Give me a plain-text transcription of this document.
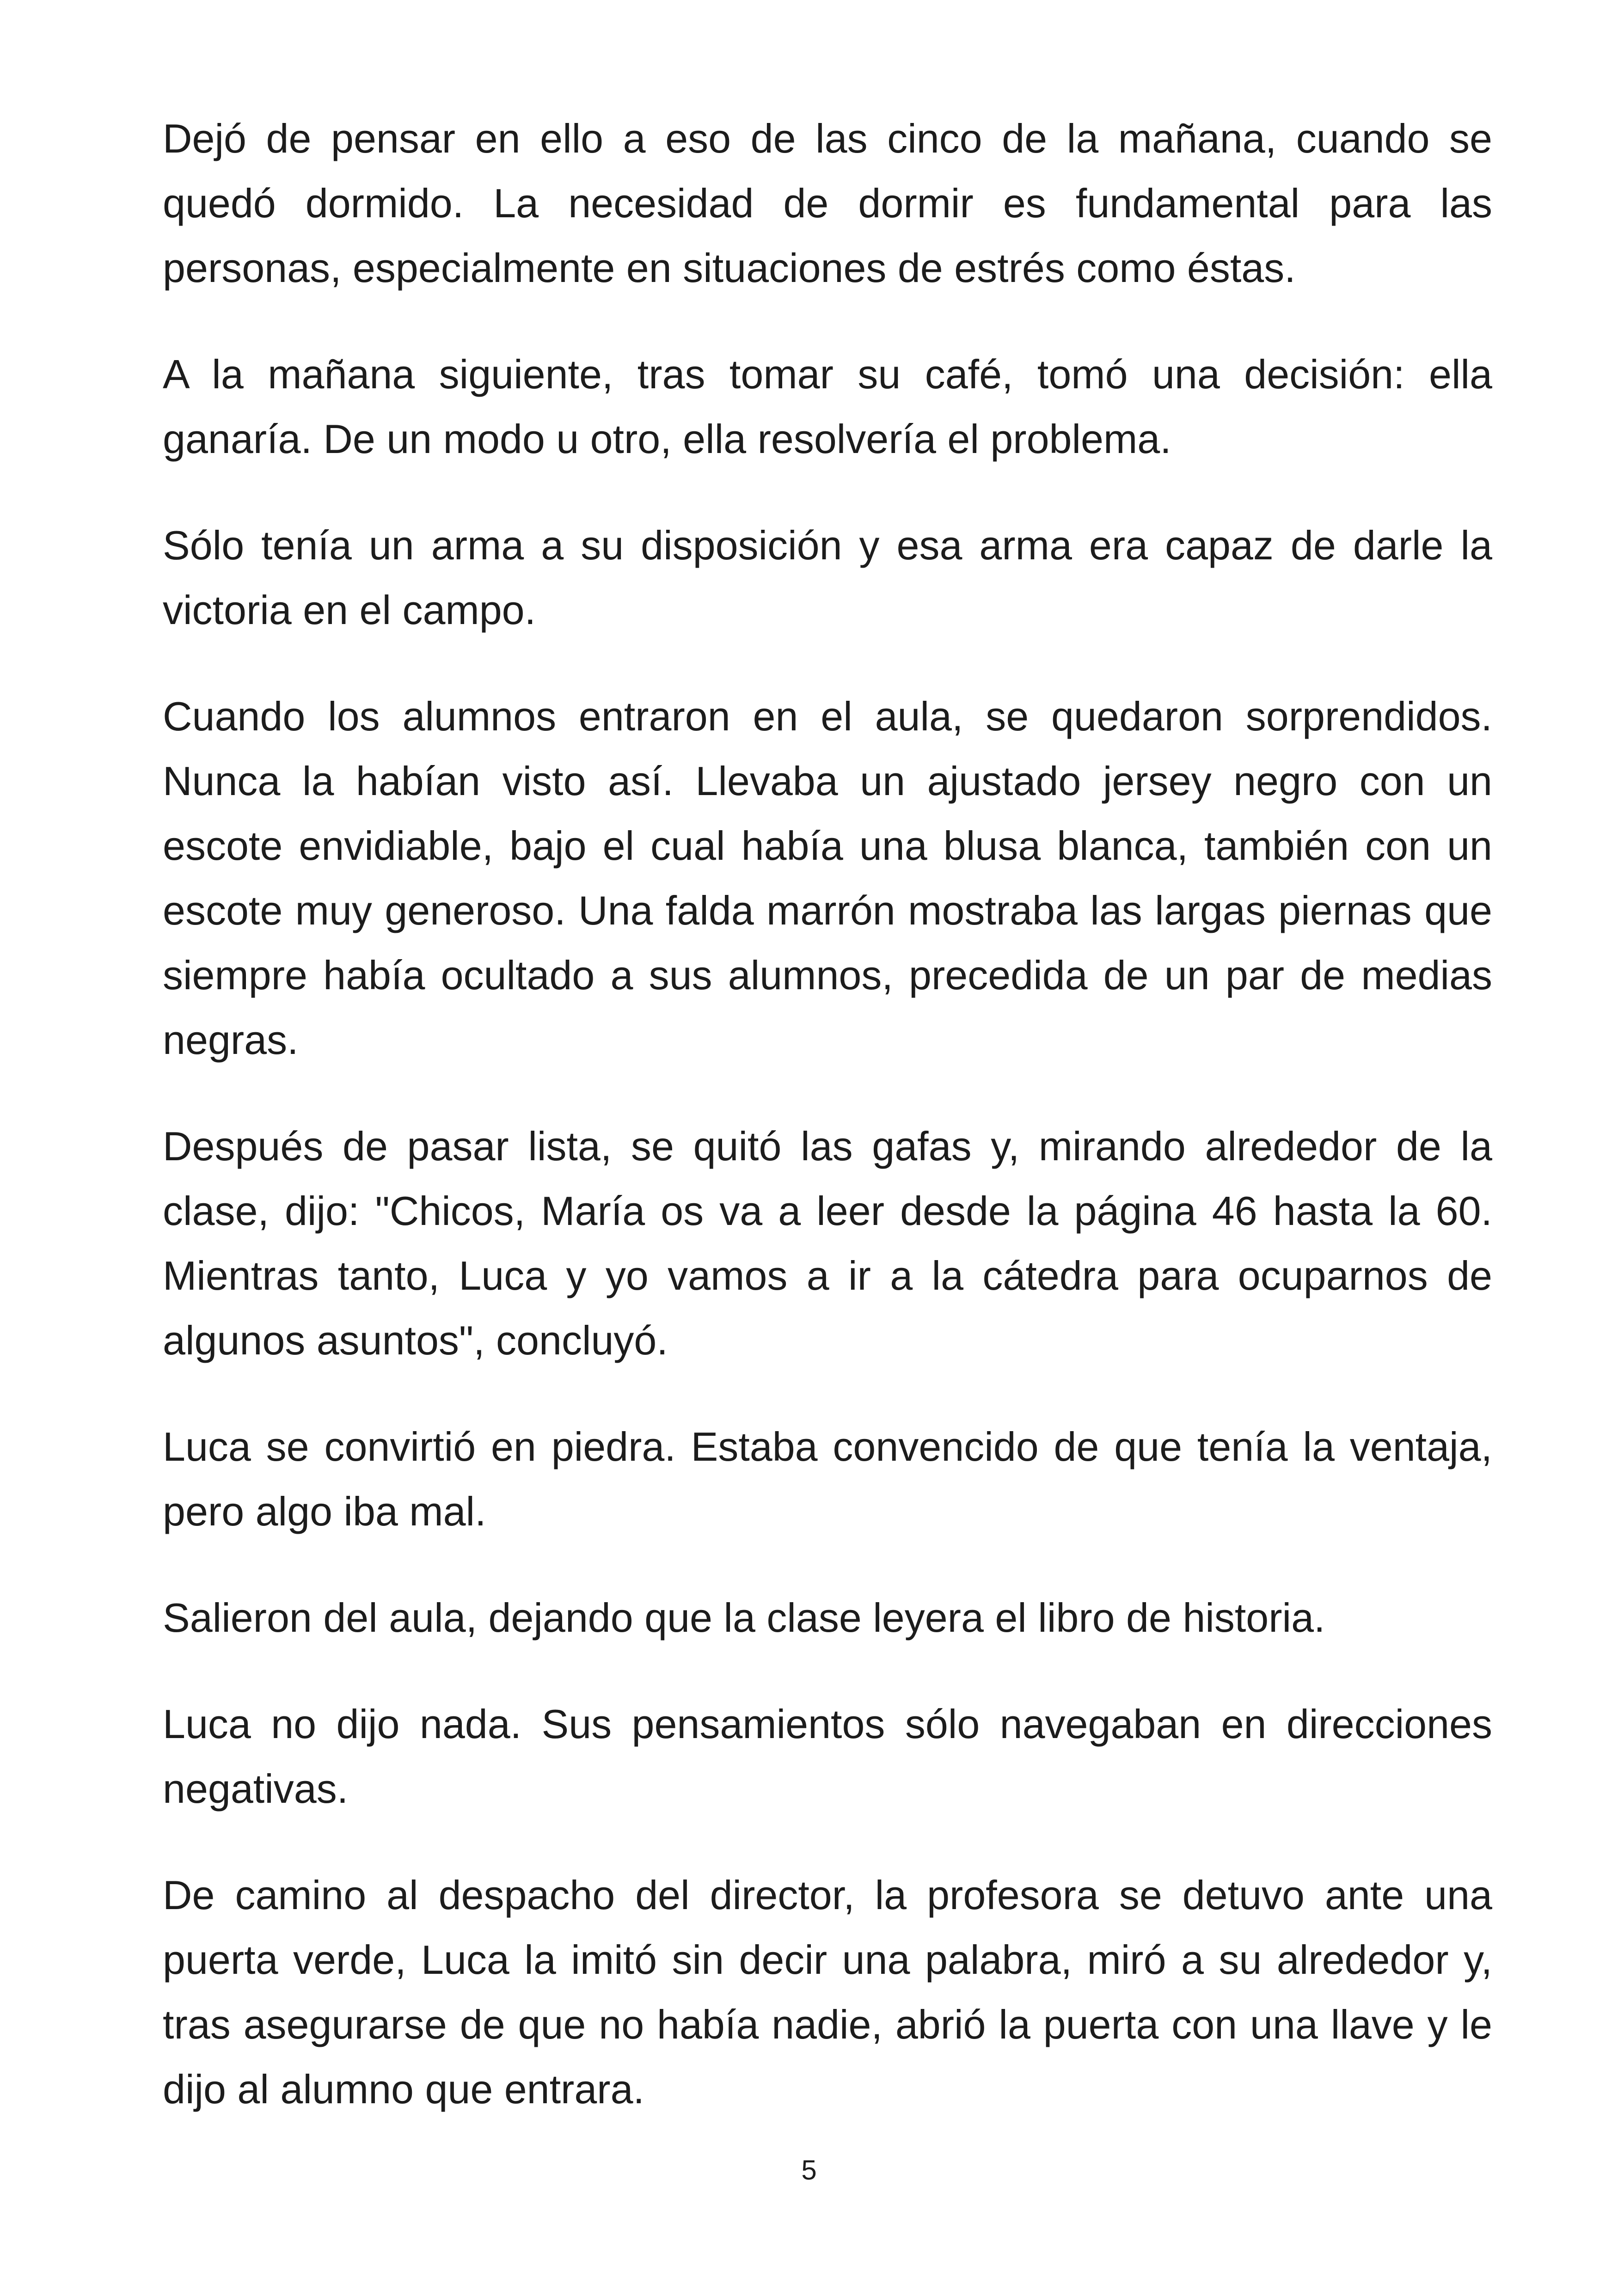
Dejó de pensar en ello a eso de las cinco de la mañana, cuando se quedó dormido. La necesidad de dormir es fundamental para las personas, especialmente en situaciones de estrés como éstas.

A la mañana siguiente, tras tomar su café, tomó una decisión: ella ganaría. De un modo u otro, ella resolvería el problema.

Sólo tenía un arma a su disposición y esa arma era capaz de darle la victoria en el campo.

Cuando los alumnos entraron en el aula, se quedaron sorprendidos. Nunca la habían visto así. Llevaba un ajustado jersey negro con un escote envidiable, bajo el cual había una blusa blanca, también con un escote muy generoso. Una falda marrón mostraba las largas piernas que siempre había ocultado a sus alumnos, precedida de un par de medias negras.

Después de pasar lista, se quitó las gafas y, mirando alrededor de la clase, dijo: "Chicos, María os va a leer desde la página 46 hasta la 60. Mientras tanto, Luca y yo vamos a ir a la cátedra para ocuparnos de algunos asuntos", concluyó.

Luca se convirtió en piedra. Estaba convencido de que tenía la ventaja, pero algo iba mal.

Salieron del aula, dejando que la clase leyera el libro de historia.

Luca no dijo nada. Sus pensamientos sólo navegaban en direcciones negativas.

De camino al despacho del director, la profesora se detuvo ante una puerta verde, Luca la imitó sin decir una palabra, miró a su alrededor y, tras asegurarse de que no había nadie, abrió la puerta con una llave y le dijo al alumno que entrara.

5
